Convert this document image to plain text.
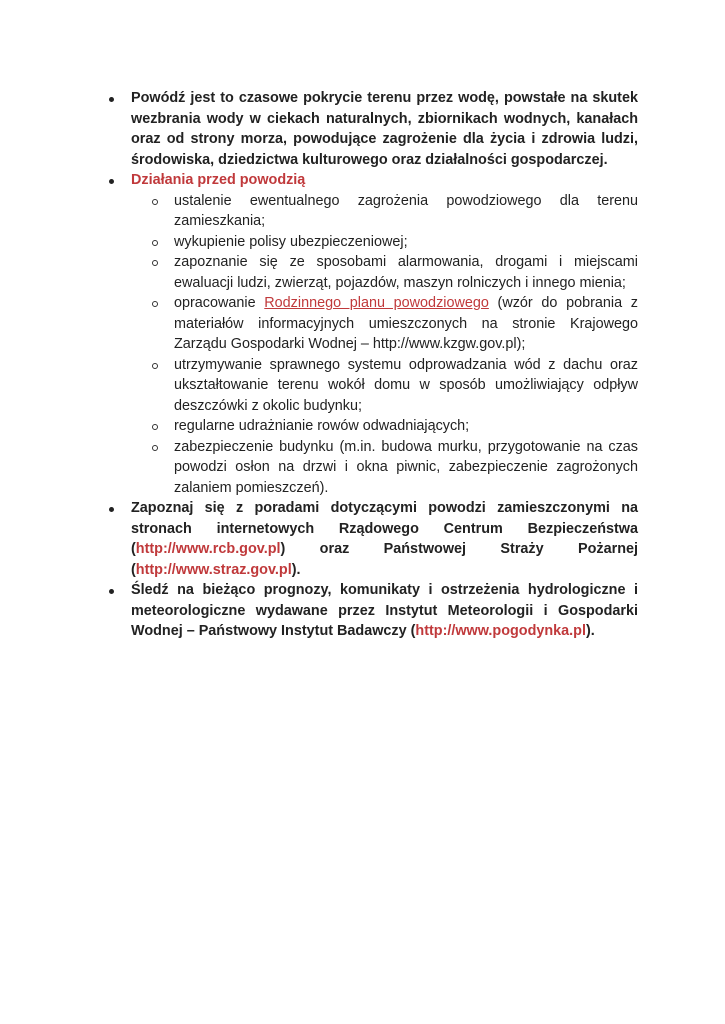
Powódź jest to czasowe pokrycie terenu przez wodę, powstałe na skutek wezbrania wody w ciekach naturalnych, zbiornikach wodnych, kanałach oraz od strony morza, powodujące zagrożenie dla życia i zdrowia ludzi, środowiska, dziedzictwa kulturowego oraz działalności gospodarczej.

Działania przed powodzią

ustalenie ewentualnego zagrożenia powodziowego dla terenu zamieszkania;

wykupienie polisy ubezpieczeniowej;

zapoznanie się ze sposobami alarmowania, drogami i miejscami ewaluacji ludzi, zwierząt, pojazdów, maszyn rolniczych i innego mienia;

opracowanie Rodzinnego planu powodziowego (wzór do pobrania z materiałów informacyjnych umieszczonych na stronie Krajowego Zarządu Gospodarki Wodnej – http://www.kzgw.gov.pl);

utrzymywanie sprawnego systemu odprowadzania wód z dachu oraz ukształtowanie terenu wokół domu w sposób umożliwiający odpływ deszczówki z okolic budynku;

regularne udrażnianie rowów odwadniających;

zabezpieczenie budynku (m.in. budowa murku, przygotowanie na czas powodzi osłon na drzwi i okna piwnic, zabezpieczenie zagrożonych zalaniem pomieszczeń).

Zapoznaj się z poradami dotyczącymi powodzi zamieszczonymi na stronach internetowych Rządowego Centrum Bezpieczeństwa (http://www.rcb.gov.pl) oraz Państwowej Straży Pożarnej (http://www.straz.gov.pl).

Śledź na bieżąco prognozy, komunikaty i ostrzeżenia hydrologiczne i meteorologiczne wydawane przez Instytut Meteorologii i Gospodarki Wodnej – Państwowy Instytut Badawczy (http://www.pogodynka.pl).
